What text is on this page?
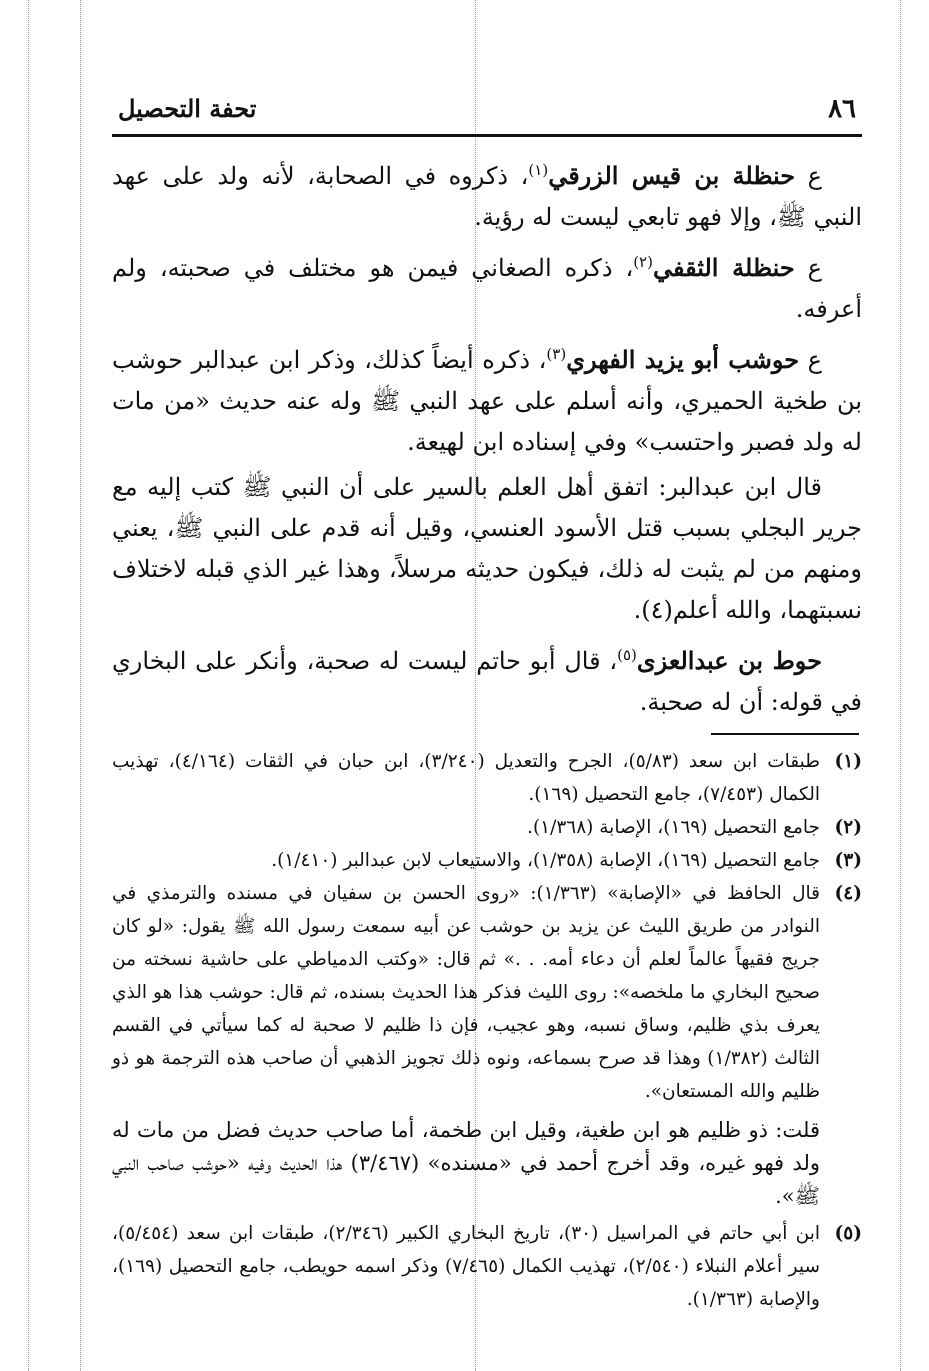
٨٦
تحفة التحصيل

ع حنظلة بن قيس الزرقي$^{(١)}$، ذكروه في الصحابة، لأنه ولد على عهد النبي ﷺ، وإلا فهو تابعي ليست له رؤية.

ع حنظلة الثقفي$^{(٢)}$، ذكره الصغاني فيمن هو مختلف في صحبته، ولم أعرفه.

ع حوشب أبو يزيد الفهري$^{(٣)}$، ذكره أيضاً كذلك، وذكر ابن عبدالبر حوشب بن طخية الحميري، وأنه أسلم على عهد النبي ﷺ وله عنه حديث «من مات له ولد فصبر واحتسب» وفي إسناده ابن لهيعة.

قال ابن عبدالبر: اتفق أهل العلم بالسير على أن النبي ﷺ كتب إليه مع جرير البجلي بسبب قتل الأسود العنسي، وقيل أنه قدم على النبي ﷺ، يعني ومنهم من لم يثبت له ذلك، فيكون حديثه مرسلاً، وهذا غير الذي قبله لاختلاف نسبتهما، والله أعلم(٤).

حوط بن عبدالعزى$^{(٥)}$، قال أبو حاتم ليست له صحبة، وأنكر على البخاري في قوله: أن له صحبة.

(١)
طبقات ابن سعد (٥/٨٣)، الجرح والتعديل (٣/٢٤٠)، ابن حبان في الثقات (٤/١٦٤)، تهذيب الكمال (٧/٤٥٣)، جامع التحصيل (١٦٩).
(٢)
جامع التحصيل (١٦٩)، الإصابة (١/٣٦٨).
(٣)
جامع التحصيل (١٦٩)، الإصابة (١/٣٥٨)، والاستيعاب لابن عبدالبر (١/٤١٠).
(٤)
قال الحافظ في «الإصابة» (١/٣٦٣): «روى الحسن بن سفيان في مسنده والترمذي في النوادر من طريق الليث عن يزيد بن حوشب عن أبيه سمعت رسول الله ﷺ يقول: «لو كان جريج فقيهاً عالماً لعلم أن دعاء أمه. . .» ثم قال: «وكتب الدمياطي على حاشية نسخته من صحيح البخاري ما ملخصه»: روى الليث فذكر هذا الحديث بسنده، ثم قال: حوشب هذا هو الذي يعرف بذي ظليم، وساق نسبه، وهو عجيب، فإن ذا ظليم لا صحبة له كما سيأتي في القسم الثالث (١/٣٨٢) وهذا قد صرح بسماعه، ونوه ذلك تجويز الذهبي أن صاحب هذه الترجمة هو ذو ظليم والله المستعان».
قلت: ذو ظليم هو ابن طغية، وقيل ابن طخمة، أما صاحب حديث فضل من مات له ولد فهو غيره، وقد أخرج أحمد في «مسنده» (٣/٤٦٧) هذا الحديث وفيه «حوشب صاحب النبي ﷺ».
(٥)
ابن أبي حاتم في المراسيل (٣٠)، تاريخ البخاري الكبير (٢/٣٤٦)، طبقات ابن سعد (٥/٤٥٤)، سير أعلام النبلاء (٢/٥٤٠)، تهذيب الكمال (٧/٤٦٥) وذكر اسمه حويطب، جامع التحصيل (١٦٩)، والإصابة (١/٣٦٣).
